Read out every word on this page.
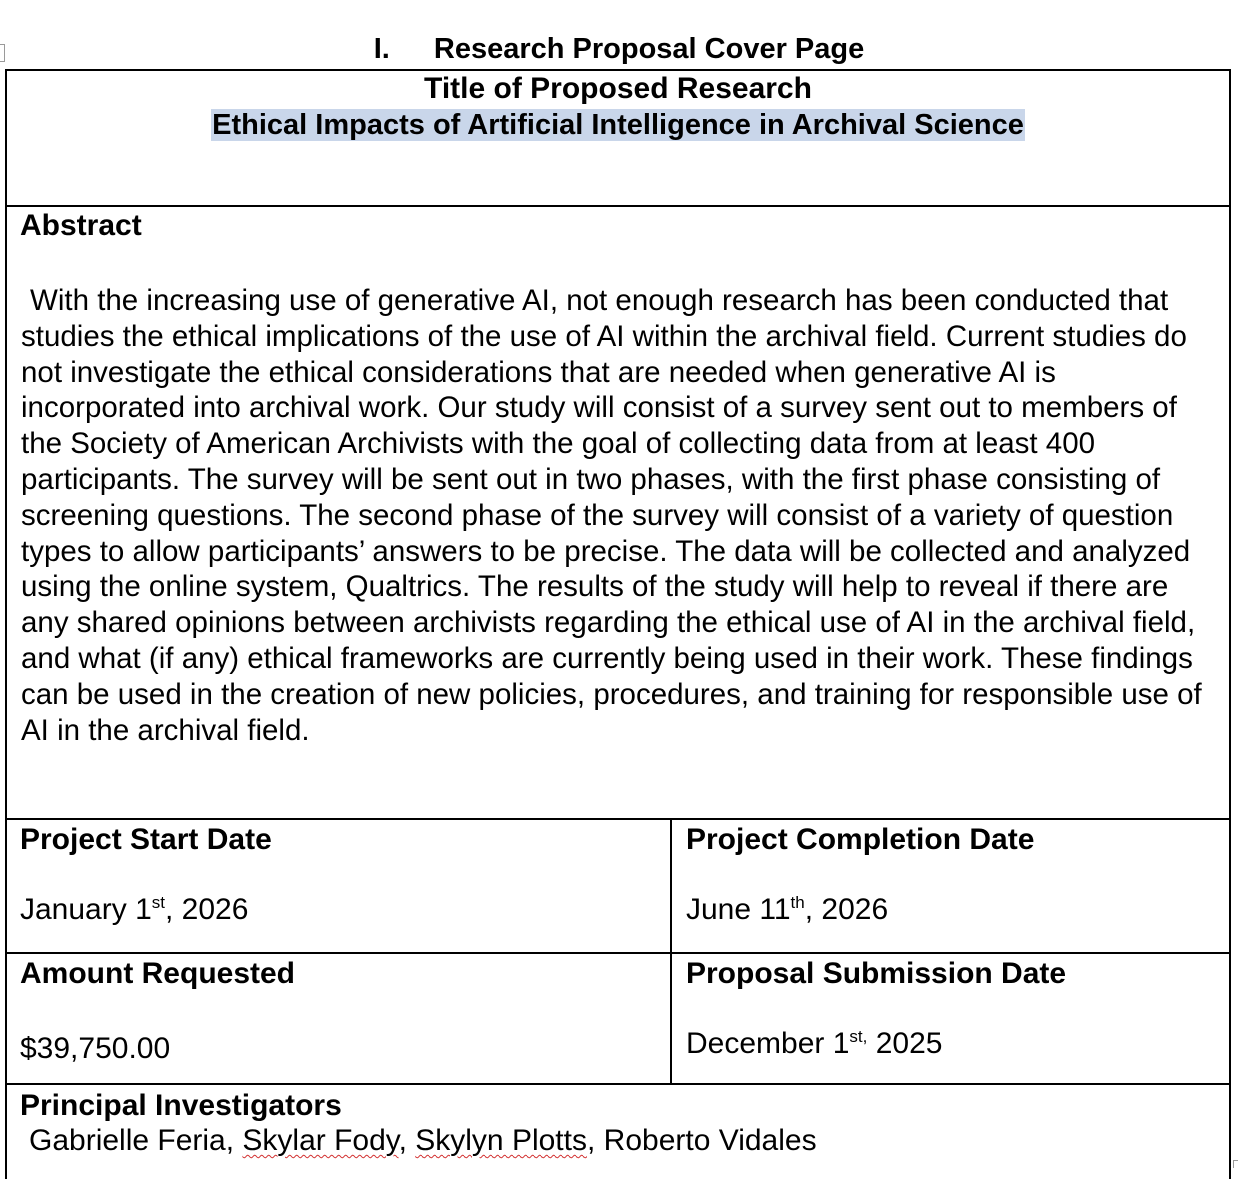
I. Research Proposal Cover Page
Title of Proposed Research
Ethical Impacts of Artificial Intelligence in Archival Science
Abstract
With the increasing use of generative AI, not enough research has been conducted that studies the ethical implications of the use of AI within the archival field. Current studies do not investigate the ethical considerations that are needed when generative AI is incorporated into archival work. Our study will consist of a survey sent out to members of the Society of American Archivists with the goal of collecting data from at least 400 participants. The survey will be sent out in two phases, with the first phase consisting of screening questions. The second phase of the survey will consist of a variety of question types to allow participants’ answers to be precise. The data will be collected and analyzed using the online system, Qualtrics. The results of the study will help to reveal if there are any shared opinions between archivists regarding the ethical use of AI in the archival field, and what (if any) ethical frameworks are currently being used in their work. These findings can be used in the creation of new policies, procedures, and training for responsible use of AI in the archival field.
Project Start Date
January 1st, 2026
Project Completion Date
June 11th, 2026
Amount Requested
$39,750.00
Proposal Submission Date
December $1^{st,}$ 2025
Principal Investigators
Gabrielle Feria, Skylar Fody, Skylyn Plotts, Roberto Vidales
